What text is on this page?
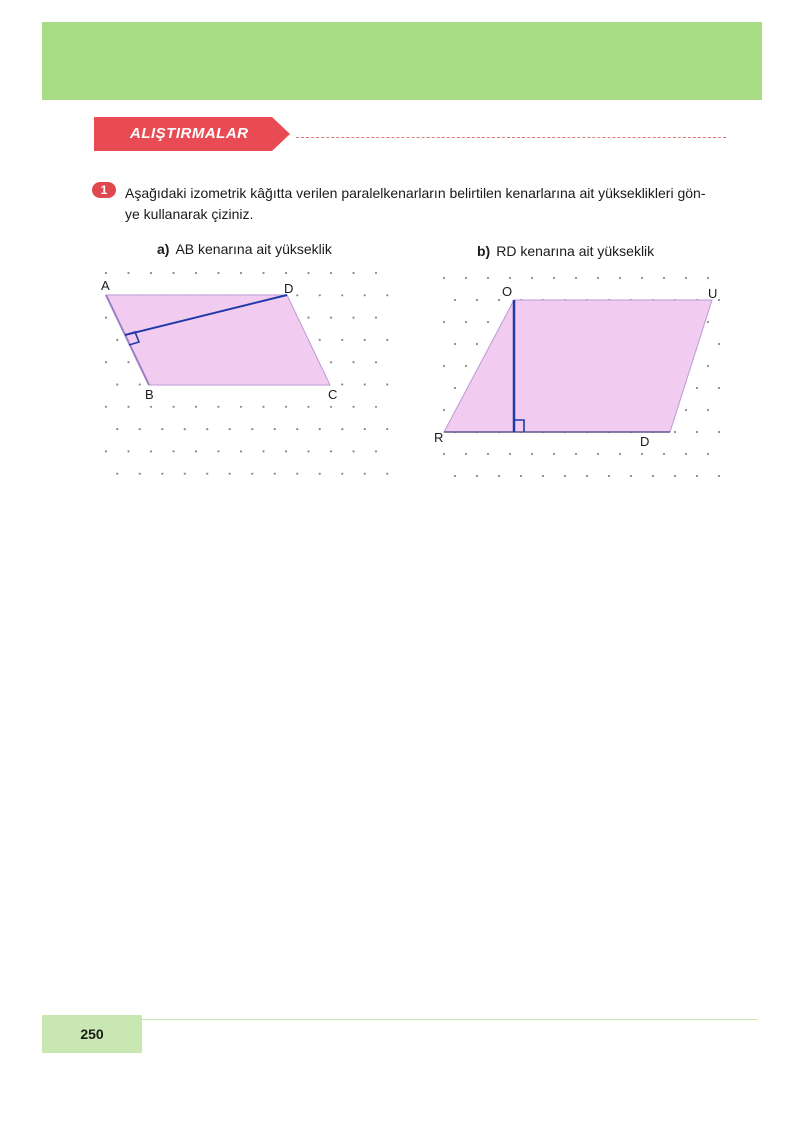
ALIŞTIRMALAR
1	Aşağıdaki izometrik kâğıtta verilen paralelkenarların belirtilen kenarlarına ait yükseklikleri gön-
ye kullanarak çiziniz.
a) AB kenarına ait yükseklik	b) RD kenarına ait yükseklik
A	D
B	C
O	U
R	D
250
